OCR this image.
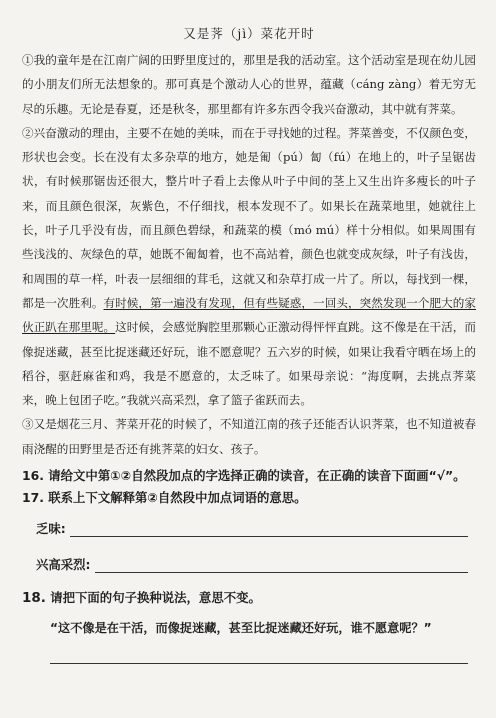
又是荠（jì）菜花开时

①我的童年是在江南广阔的田野里度过的，那里是我的活动室。这个活动室是现在幼儿园的小朋友们所无法想象的。那可真是个激动人心的世界，蕴藏（cáng zàng）着无穷无尽的乐趣。无论是春夏，还是秋冬，那里都有许多东西令我兴奋激动，其中就有荠菜。

②兴奋激动的理由，主要不在她的美味，而在于寻找她的过程。荠菜善变，不仅颜色变，形状也会变。长在没有太多杂草的地方，她是匍（pú）匐（fú）在地上的，叶子呈锯齿状，有时候那锯齿还很大，整片叶子看上去像从叶子中间的茎上又生出许多瘦长的叶子来，而且颜色很深，灰紫色，不仔细找，根本发现不了。如果长在蔬菜地里，她就往上长，叶子几乎没有齿，而且颜色碧绿，和蔬菜的模（mó mú）样十分相似。如果周围有些浅浅的、灰绿色的草，她既不匍匐着，也不高站着，颜色也就变成灰绿，叶子有浅齿，和周围的草一样，叶表一层细细的茸毛，这就又和杂草打成一片了。所以，每找到一棵，都是一次胜利。有时候，第一遍没有发现，但有些疑惑，一回头，突然发现一个肥大的家伙正趴在那里呢。这时候，会感觉胸腔里那颗心正激动得怦怦直跳。这不像是在干活，而像捉迷藏，甚至比捉迷藏还好玩，谁不愿意呢？五六岁的时候，如果让我看守晒在场上的稻谷，驱赶麻雀和鸡，我是不愿意的，太乏味了。如果母亲说：“海度啊，去挑点荠菜来，晚上包团子吃。”我就兴高采烈，拿了篮子雀跃而去。

③又是烟花三月、荠菜开花的时候了，不知道江南的孩子还能否认识荠菜，也不知道被春雨浇醒的田野里是否还有挑荠菜的妇女、孩子。

16. 请给文中第①②自然段加点的字选择正确的读音，在正确的读音下面画“√”。

17. 联系上下文解释第②自然段中加点词语的意思。

乏味:
兴高采烈:

18. 请把下面的句子换种说法，意思不变。

“这不像是在干活，而像捉迷藏，甚至比捉迷藏还好玩，谁不愿意呢？”
